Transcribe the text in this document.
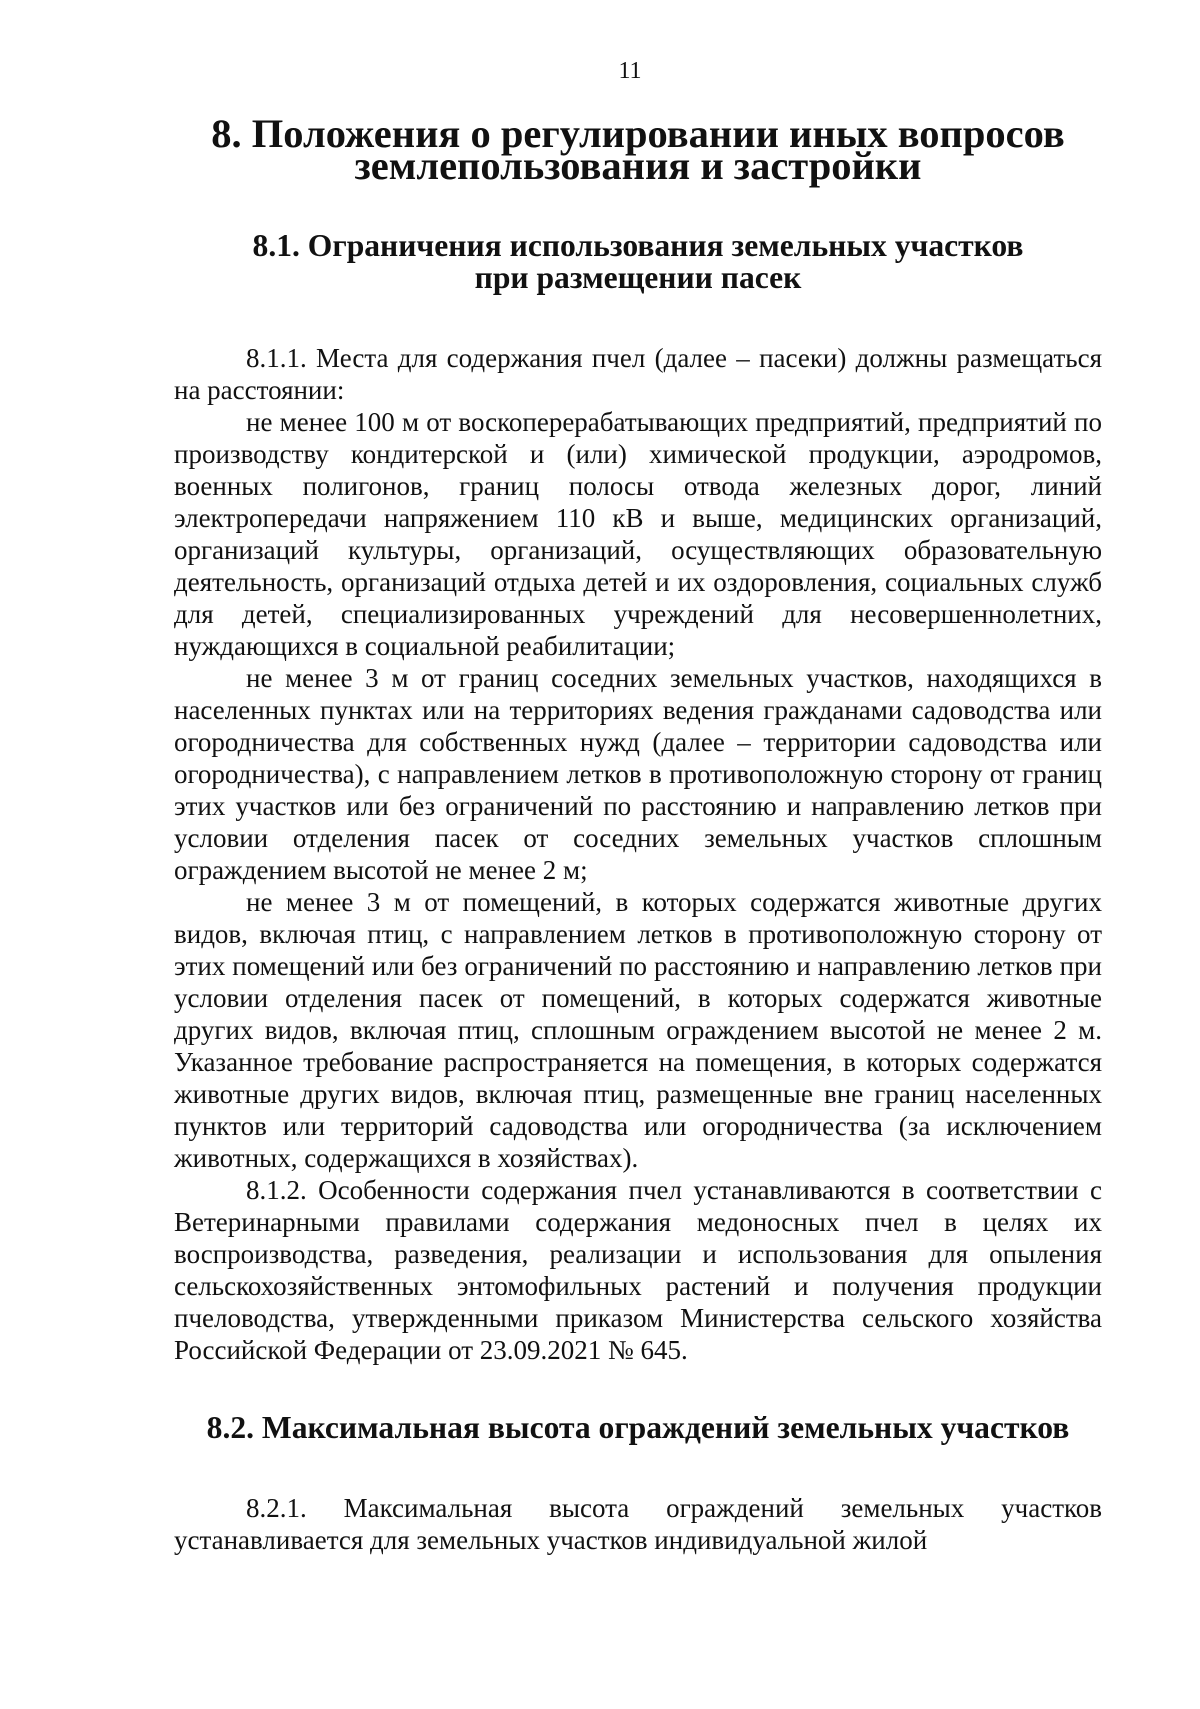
11
8. Положения о регулировании иных вопросов
землепользования и застройки
8.1. Ограничения использования земельных участков
при размещении пасек

8.1.1. Места для содержания пчел (далее – пасеки) должны размещаться на расстоянии:

не менее 100 м от воскоперерабатывающих предприятий, предприятий по производству кондитерской и (или) химической продукции, аэродромов, военных полигонов, границ полосы отвода железных дорог, линий электропередачи напряжением 110 кВ и выше, медицинских организаций, организаций культуры, организаций, осуществляющих образовательную деятельность, организаций отдыха детей и их оздоровления, социальных служб для детей, специализированных учреждений для несовершеннолетних, нуждающихся в социальной реабилитации;

не менее 3 м от границ соседних земельных участков, находящихся в населенных пунктах или на территориях ведения гражданами садоводства или огородничества для собственных нужд (далее – территории садоводства или огородничества), с направлением летков в противоположную сторону от границ этих участков или без ограничений по расстоянию и направлению летков при условии отделения пасек от соседних земельных участков сплошным ограждением высотой не менее 2 м;

не менее 3 м от помещений, в которых содержатся животные других видов, включая птиц, с направлением летков в противоположную сторону от этих помещений или без ограничений по расстоянию и направлению летков при условии отделения пасек от помещений, в которых содержатся животные других видов, включая птиц, сплошным ограждением высотой не менее 2 м. Указанное требование распространяется на помещения, в которых содержатся животные других видов, включая птиц, размещенные вне границ населенных пунктов или территорий садоводства или огородничества (за исключением животных, содержащихся в хозяйствах).

8.1.2. Особенности содержания пчел устанавливаются в соответствии с Ветеринарными правилами содержания медоносных пчел в целях их воспроизводства, разведения, реализации и использования для опыления сельскохозяйственных энтомофильных растений и получения продукции пчеловодства, утвержденными приказом Министерства сельского хозяйства Российской Федерации от 23.09.2021 № 645.

8.2. Максимальная высота ограждений земельных участков

8.2.1. Максимальная высота ограждений земельных участков устанавливается для земельных участков индивидуальной жилой
